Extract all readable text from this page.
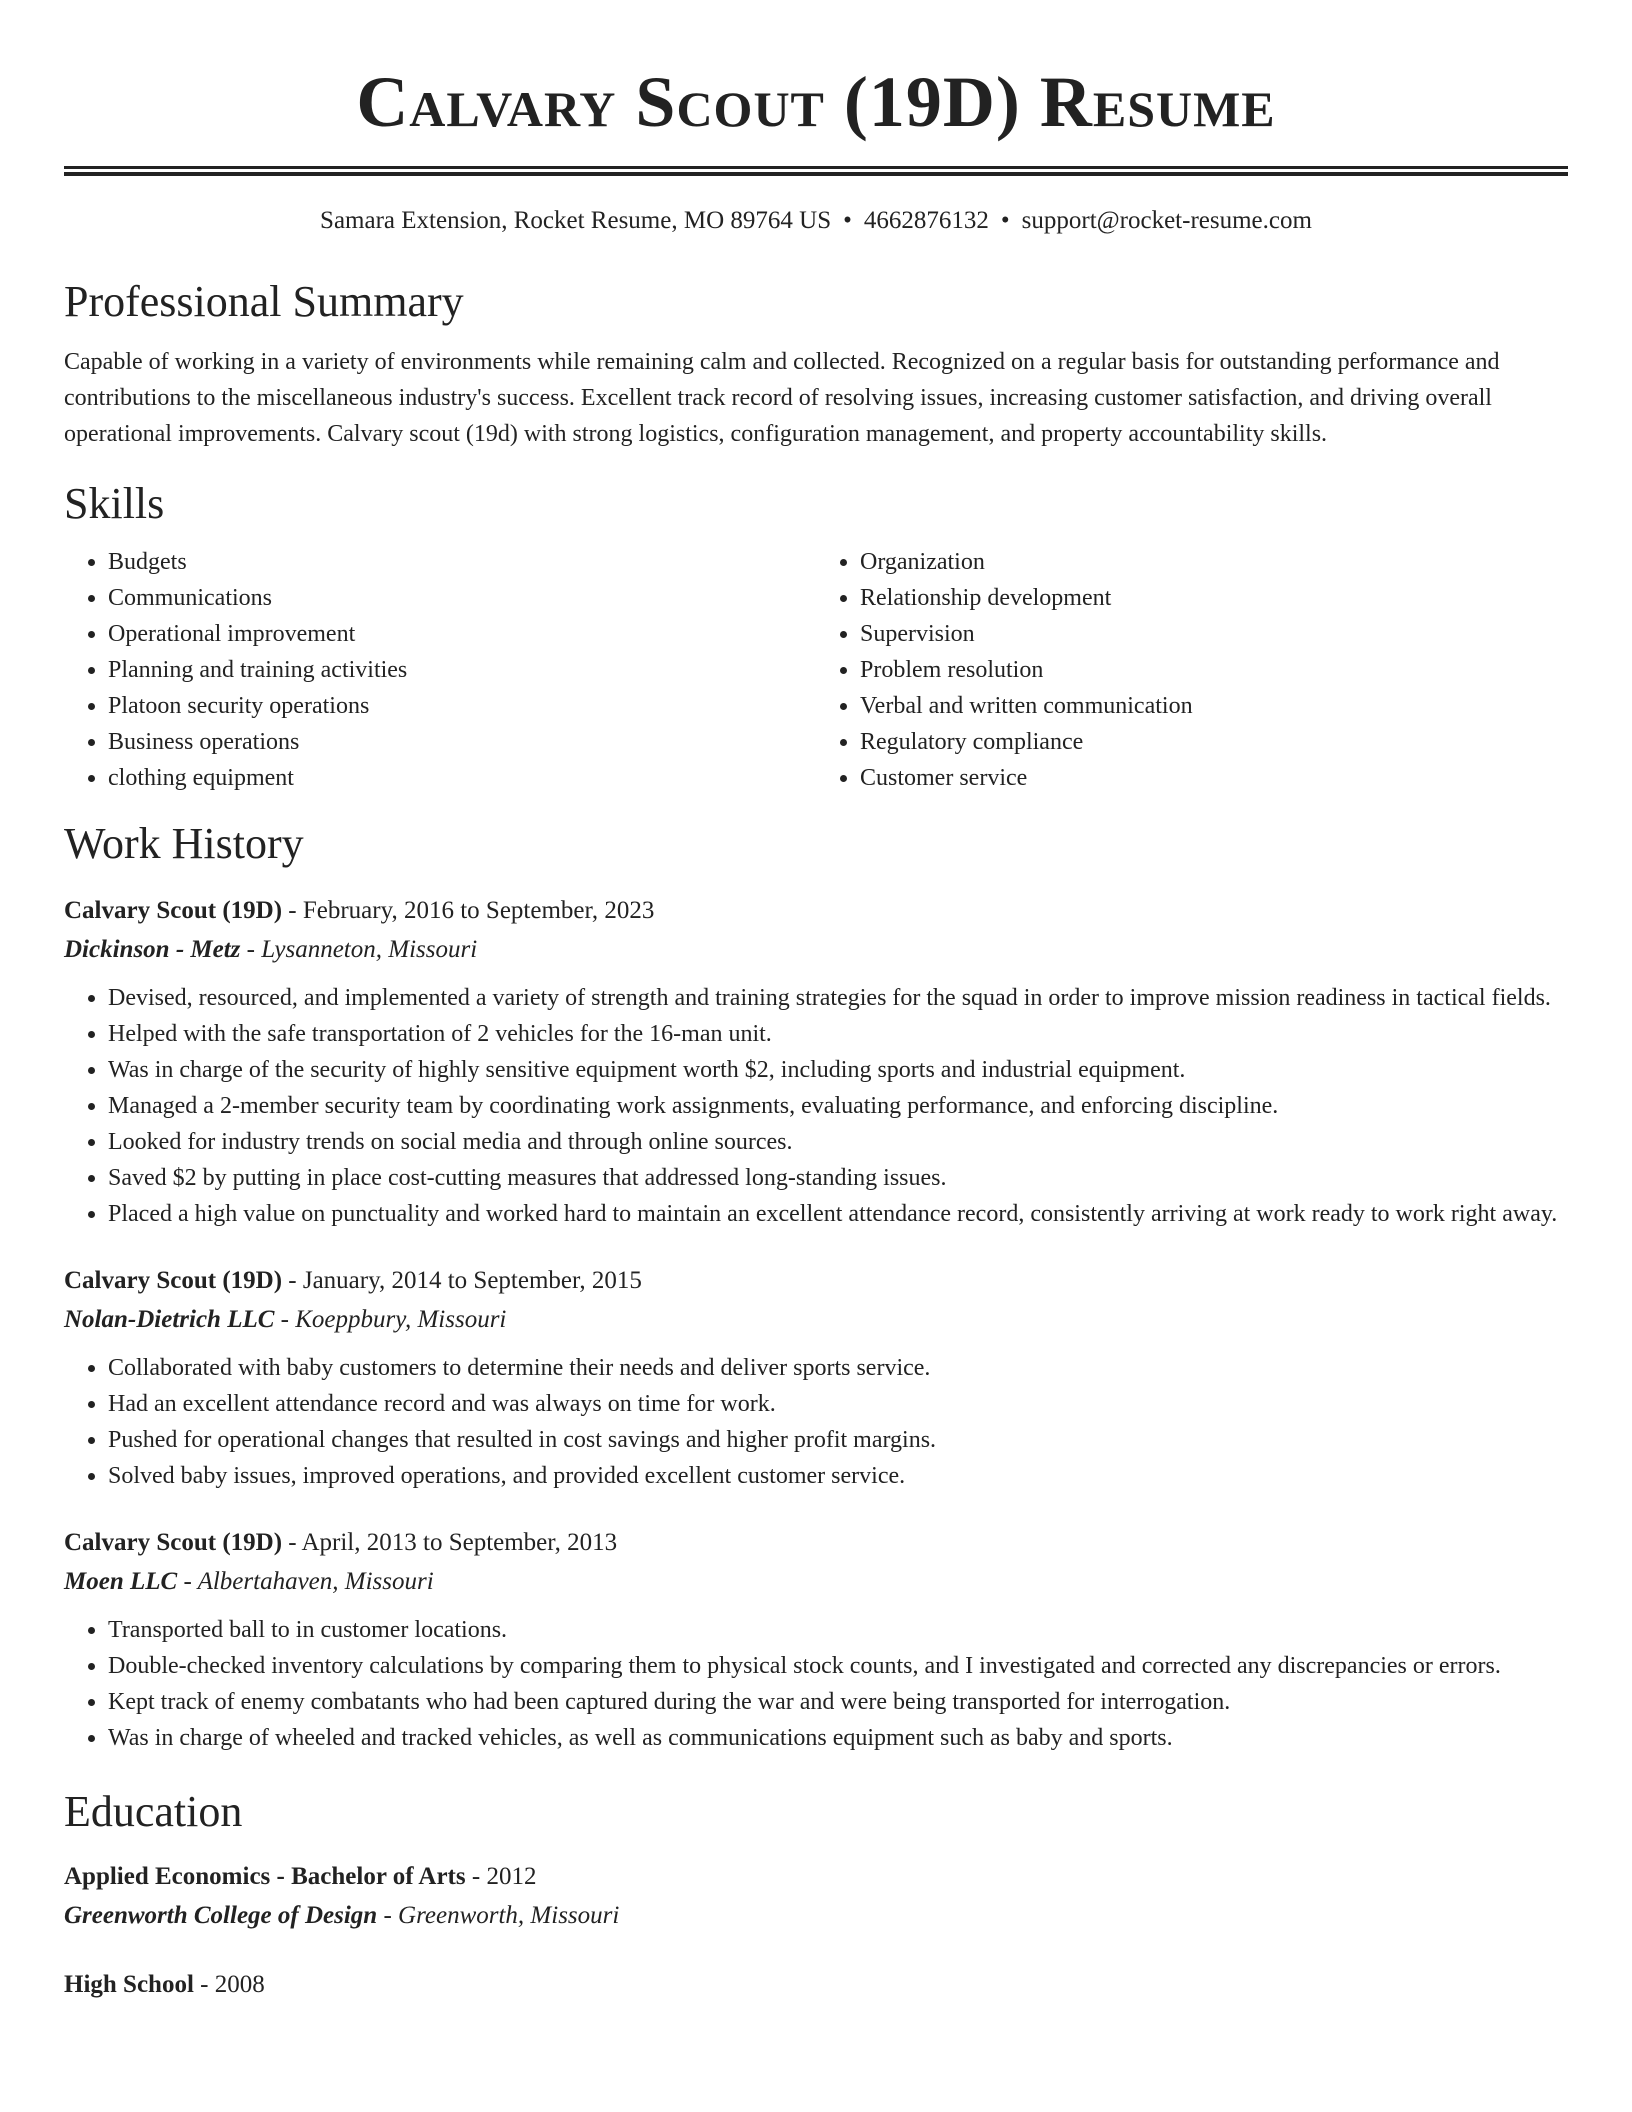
Calvary Scout (19D) Resume
Samara Extension, Rocket Resume, MO 89764 US • 4662876132 • support@rocket-resume.com
Professional Summary

Capable of working in a variety of environments while remaining calm and collected. Recognized on a regular basis for outstanding performance and contributions to the miscellaneous industry's success. Excellent track record of resolving issues, increasing customer satisfaction, and driving overall operational improvements. Calvary scout (19d) with strong logistics, configuration management, and property accountability skills.

Skills
• Budgets
• Communications
• Operational improvement
• Planning and training activities
• Platoon security operations
• Business operations
• clothing equipment
• Organization
• Relationship development
• Supervision
• Problem resolution
• Verbal and written communication
• Regulatory compliance
• Customer service
Work History
Calvary Scout (19D) - February, 2016 to September, 2023
Dickinson - Metz - Lysanneton, Missouri
• Devised, resourced, and implemented a variety of strength and training strategies for the squad in order to improve mission readiness in tactical fields.
• Helped with the safe transportation of 2 vehicles for the 16-man unit.
• Was in charge of the security of highly sensitive equipment worth $2, including sports and industrial equipment.
• Managed a 2-member security team by coordinating work assignments, evaluating performance, and enforcing discipline.
• Looked for industry trends on social media and through online sources.
• Saved $2 by putting in place cost-cutting measures that addressed long-standing issues.
• Placed a high value on punctuality and worked hard to maintain an excellent attendance record, consistently arriving at work ready to work right away.
Calvary Scout (19D) - January, 2014 to September, 2015
Nolan-Dietrich LLC - Koeppbury, Missouri
• Collaborated with baby customers to determine their needs and deliver sports service.
• Had an excellent attendance record and was always on time for work.
• Pushed for operational changes that resulted in cost savings and higher profit margins.
• Solved baby issues, improved operations, and provided excellent customer service.
Calvary Scout (19D) - April, 2013 to September, 2013
Moen LLC - Albertahaven, Missouri
• Transported ball to in customer locations.
• Double-checked inventory calculations by comparing them to physical stock counts, and I investigated and corrected any discrepancies or errors.
• Kept track of enemy combatants who had been captured during the war and were being transported for interrogation.
• Was in charge of wheeled and tracked vehicles, as well as communications equipment such as baby and sports.
Education
Applied Economics - Bachelor of Arts - 2012
Greenworth College of Design - Greenworth, Missouri
High School - 2008
